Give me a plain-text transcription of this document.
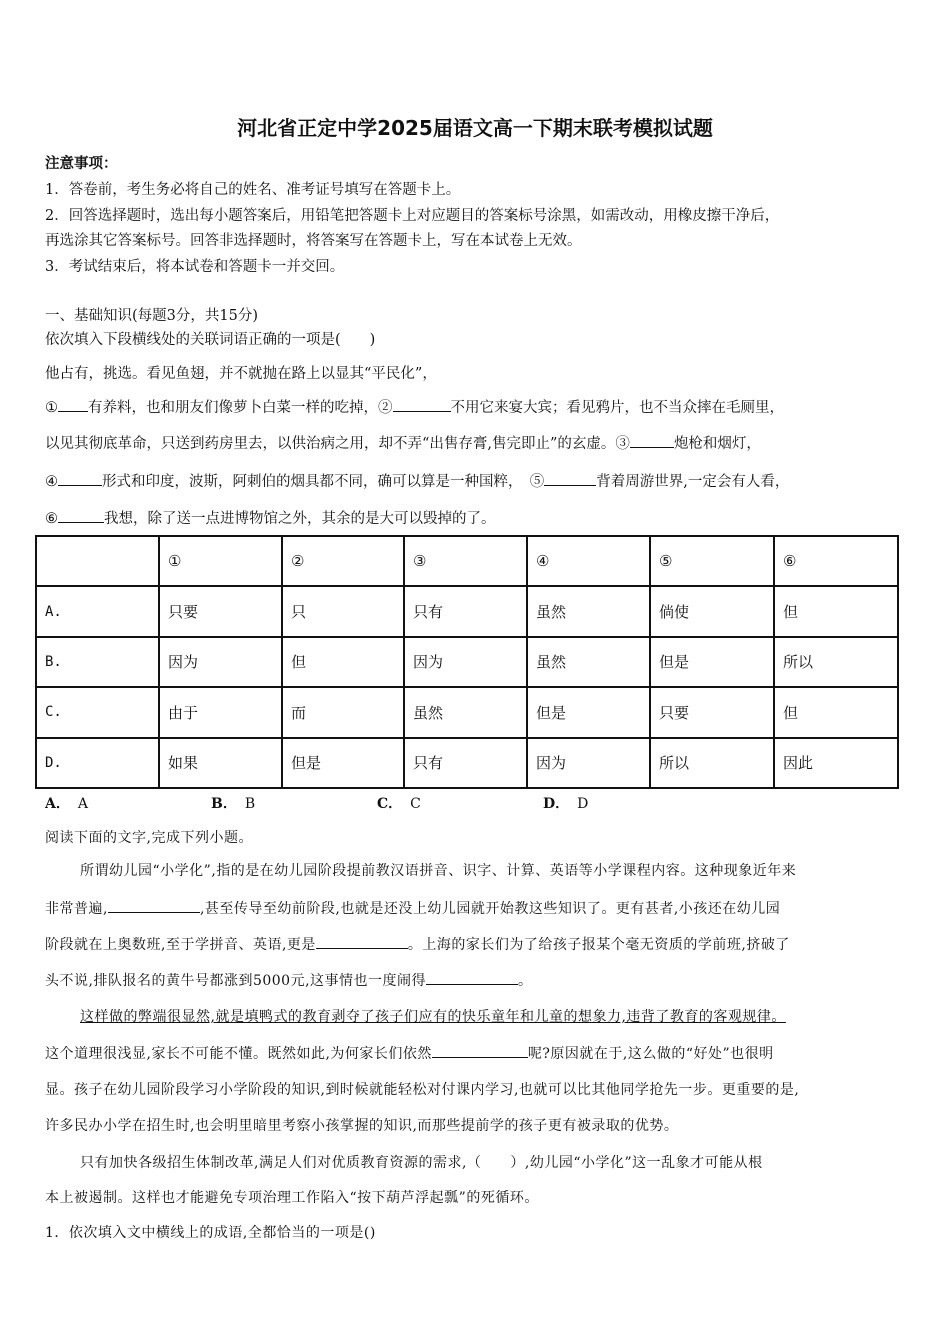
河北省正定中学2025届语文高一下期末联考模拟试题
注意事项：
1．答卷前，考生务必将自己的姓名、准考证号填写在答题卡上。
2．回答选择题时，选出每小题答案后，用铅笔把答题卡上对应题目的答案标号涂黑，如需改动，用橡皮擦干净后，
再选涂其它答案标号。回答非选择题时，将答案写在答题卡上，写在本试卷上无效。
3．考试结束后，将本试卷和答题卡一并交回。
一、基础知识(每题3分，共15分)
依次填入下段横线处的关联词语正确的一项是(　　)
他占有，挑选。看见鱼翅，并不就抛在路上以显其“平民化”，
① 有养料，也和朋友们像萝卜白菜一样的吃掉，②	不用它来宴大宾；看见鸦片，也不当众摔在毛厕里，
以见其彻底革命，只送到药房里去，以供治病之用，却不弄“出售存膏,售完即止”的玄虚。③	炮枪和烟灯，
④	形式和印度，波斯，阿刺伯的烟具都不同，确可以算是一种国粹，　⑤	背着周游世界,一定会有人看，
⑥	我想，除了送一点进博物馆之外，其余的是大可以毁掉的了。
	①	②	③	④	⑤	⑥
A.	只要	只	只有	虽然	倘使	但
B.	因为	但	因为	虽然	但是	所以
C.	由于	而	虽然	但是	只要	但
D.	如果	但是	只有	因为	所以	因此
A． A	B． B	C． C	D． D
阅读下面的文字,完成下列小题。
所谓幼儿园“小学化”,指的是在幼儿园阶段提前教汉语拼音、识字、计算、英语等小学课程内容。这种现象近年来
非常普遍,	,甚至传导至幼前阶段,也就是还没上幼儿园就开始教这些知识了。更有甚者,小孩还在幼儿园
阶段就在上奥数班,至于学拼音、英语,更是	。上海的家长们为了给孩子报某个毫无资质的学前班,挤破了
头不说,排队报名的黄牛号都涨到5000元,这事情也一度闹得	。
这样做的弊端很显然,就是填鸭式的教育剥夺了孩子们应有的快乐童年和儿童的想象力,违背了教育的客观规律。
这个道理很浅显,家长不可能不懂。既然如此,为何家长们依然	呢?原因就在于,这么做的“好处”也很明
显。孩子在幼儿园阶段学习小学阶段的知识,到时候就能轻松对付课内学习,也就可以比其他同学抢先一步。更重要的是,
许多民办小学在招生时,也会明里暗里考察小孩掌握的知识,而那些提前学的孩子更有被录取的优势。
只有加快各级招生体制改革,满足人们对优质教育资源的需求,（　　）,幼儿园“小学化”这一乱象才可能从根
本上被遏制。这样也才能避免专项治理工作陷入“按下葫芦浮起瓢”的死循环。
1．依次填入文中横线上的成语,全都恰当的一项是()
